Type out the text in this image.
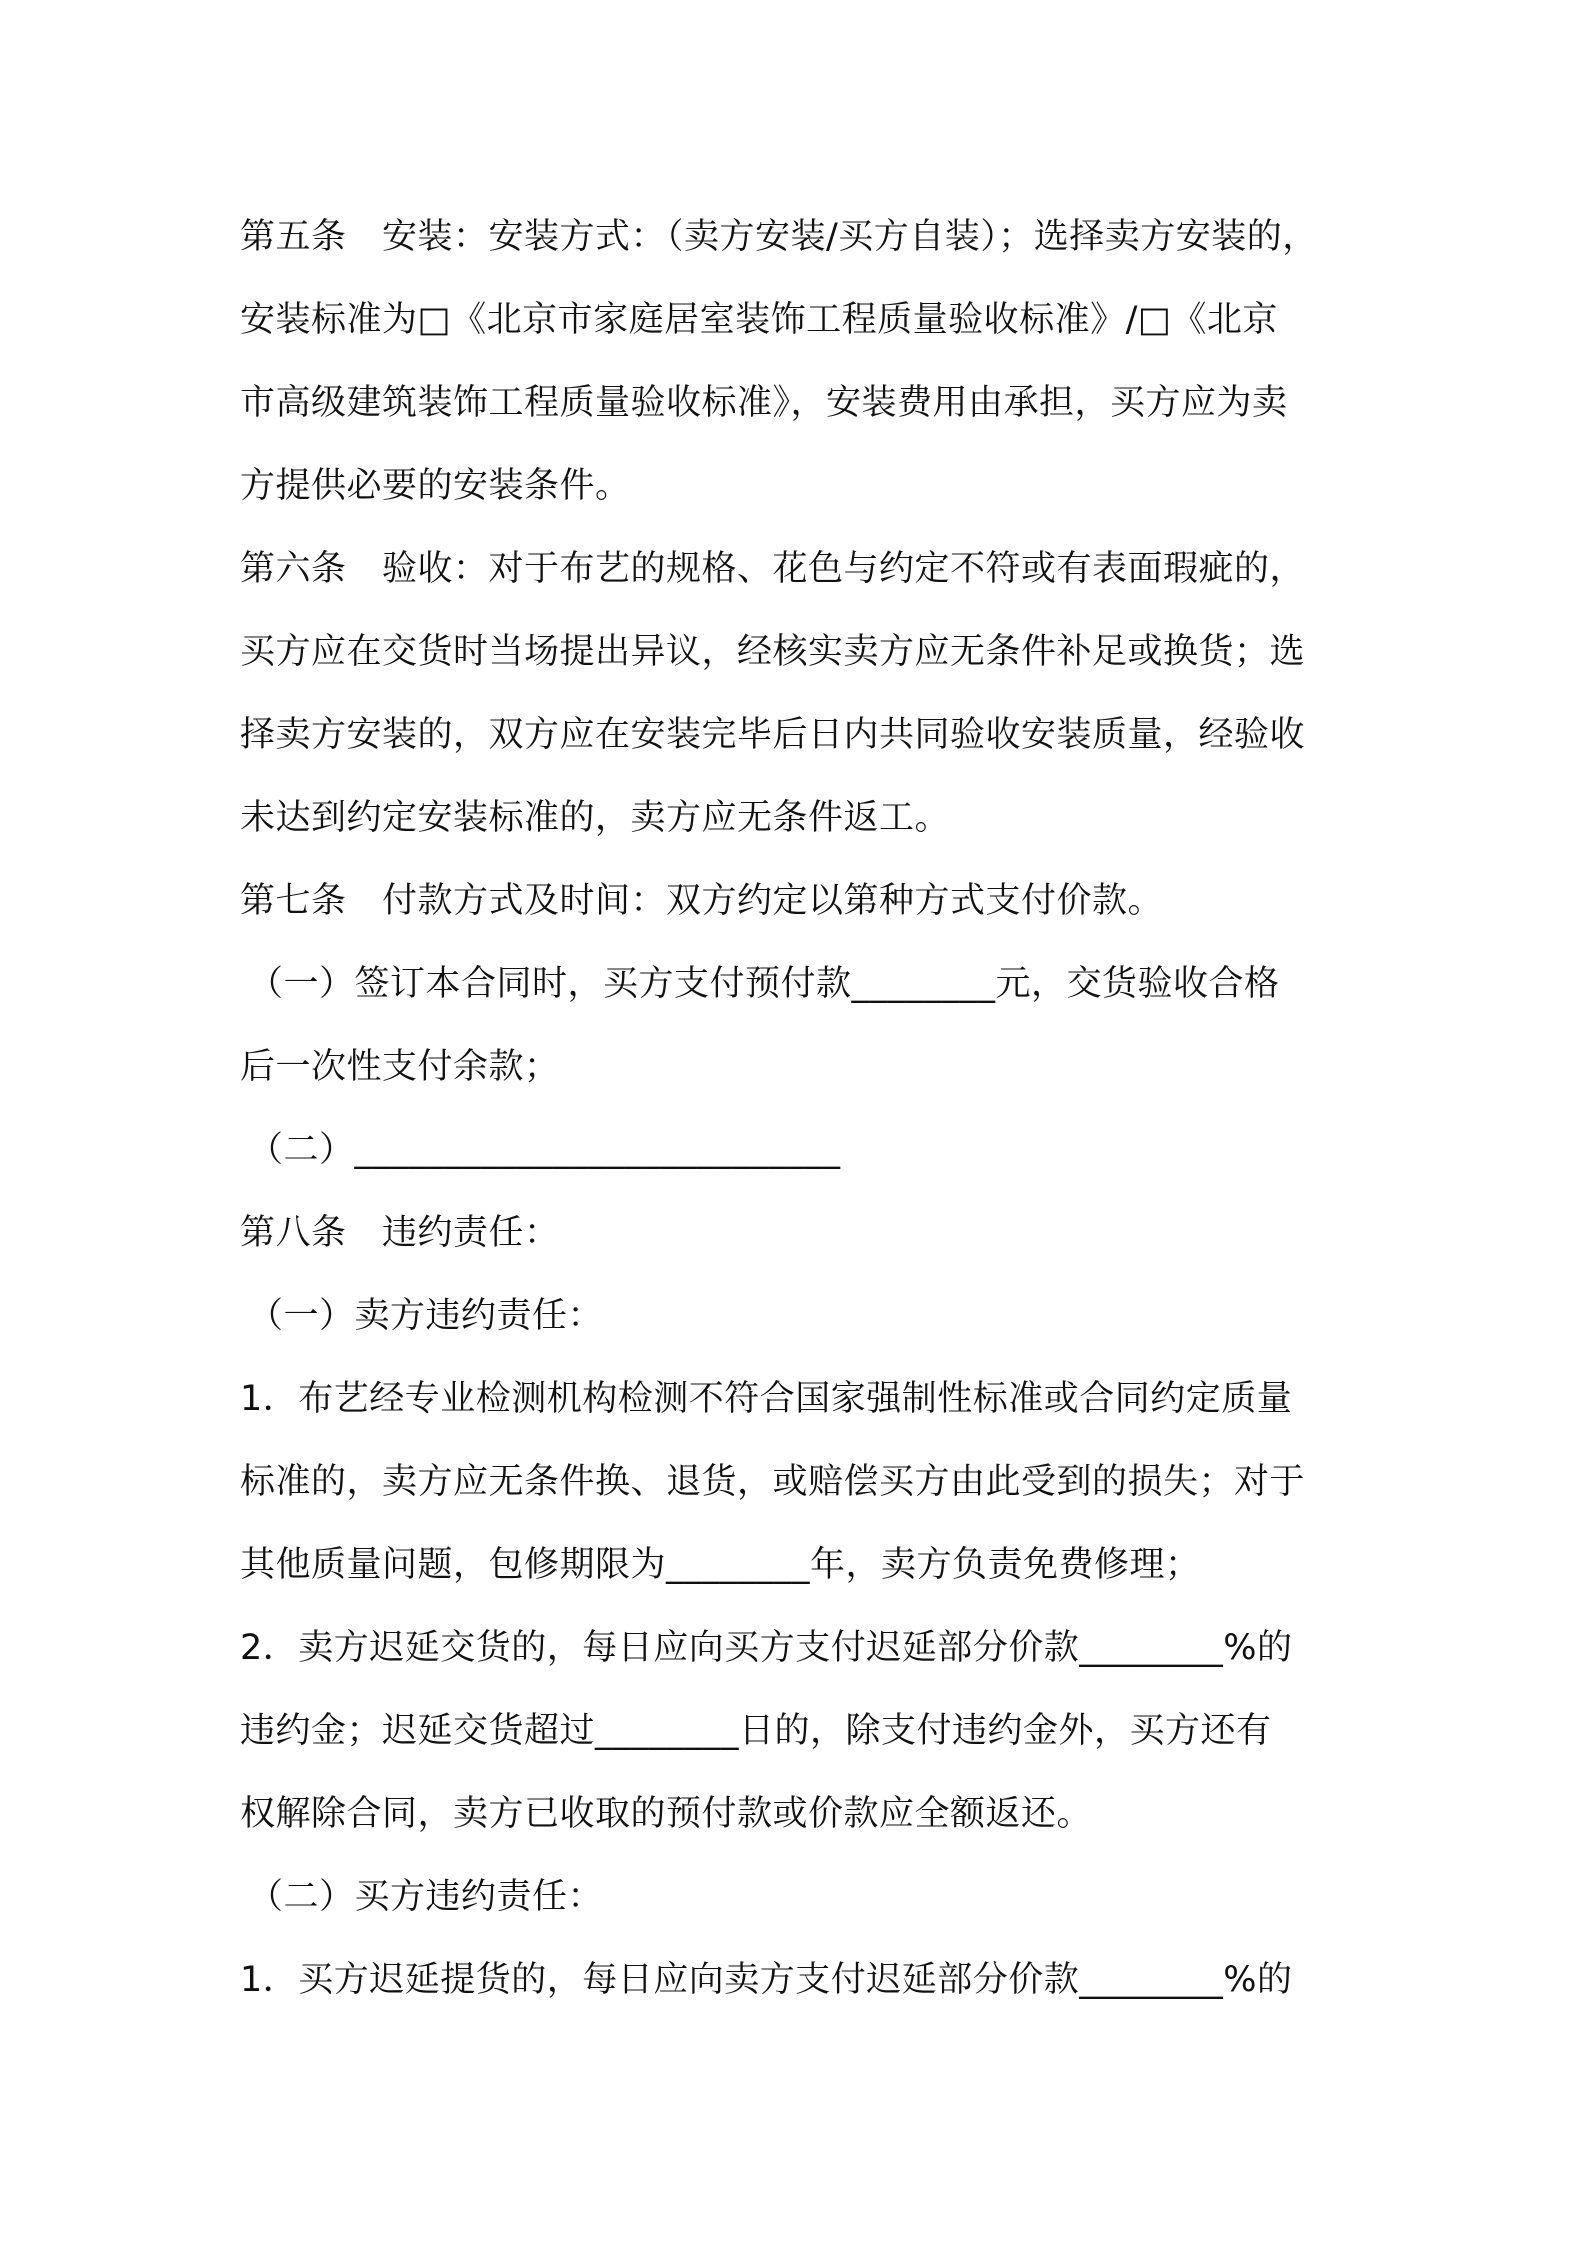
第五条　安装：安装方式：（卖方安装/买方自装）；选择卖方安装的，
安装标准为□《北京市家庭居室装饰工程质量验收标准》/□《北京
市高级建筑装饰工程质量验收标准》，安装费用由承担，买方应为卖
方提供必要的安装条件。
第六条　验收：对于布艺的规格、花色与约定不符或有表面瑕疵的，
买方应在交货时当场提出异议，经核实卖方应无条件补足或换货；选
择卖方安装的，双方应在安装完毕后日内共同验收安装质量，经验收
未达到约定安装标准的，卖方应无条件返工。
第七条　付款方式及时间：双方约定以第种方式支付价款。
（一）签订本合同时，买方支付预付款________元，交货验收合格
后一次性支付余款；
（二）___________________________
第八条　违约责任：
（一）卖方违约责任：
1．布艺经专业检测机构检测不符合国家强制性标准或合同约定质量
标准的，卖方应无条件换、退货，或赔偿买方由此受到的损失；对于
其他质量问题，包修期限为________年，卖方负责免费修理；
2．卖方迟延交货的，每日应向买方支付迟延部分价款________%的
违约金；迟延交货超过________日的，除支付违约金外，买方还有
权解除合同，卖方已收取的预付款或价款应全额返还。
（二）买方违约责任：
1．买方迟延提货的，每日应向卖方支付迟延部分价款________%的
